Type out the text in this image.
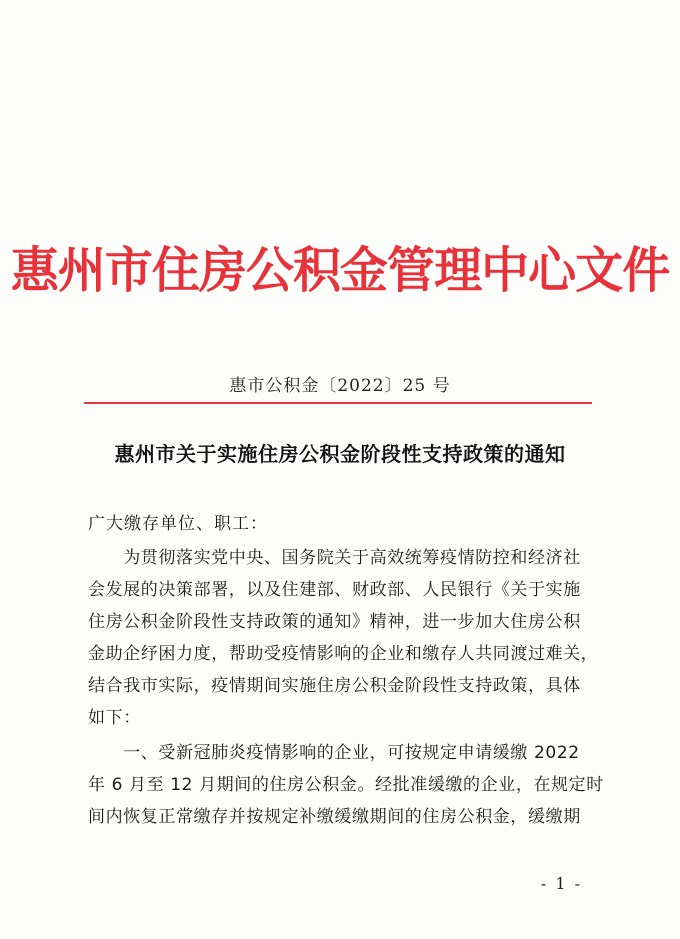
惠州市住房公积金管理中心文件
惠市公积金〔2022〕25 号
惠州市关于实施住房公积金阶段性支持政策的通知
广大缴存单位、职工：
　　为贯彻落实党中央、国务院关于高效统筹疫情防控和经济社
会发展的决策部署，以及住建部、财政部、人民银行《关于实施
住房公积金阶段性支持政策的通知》精神，进一步加大住房公积
金助企纾困力度，帮助受疫情影响的企业和缴存人共同渡过难关，
结合我市实际，疫情期间实施住房公积金阶段性支持政策，具体
如下：
　　一、受新冠肺炎疫情影响的企业，可按规定申请缓缴 2022
年 6 月至 12 月期间的住房公积金。经批准缓缴的企业，在规定时
间内恢复正常缴存并按规定补缴缓缴期间的住房公积金，缓缴期
- 1 -
